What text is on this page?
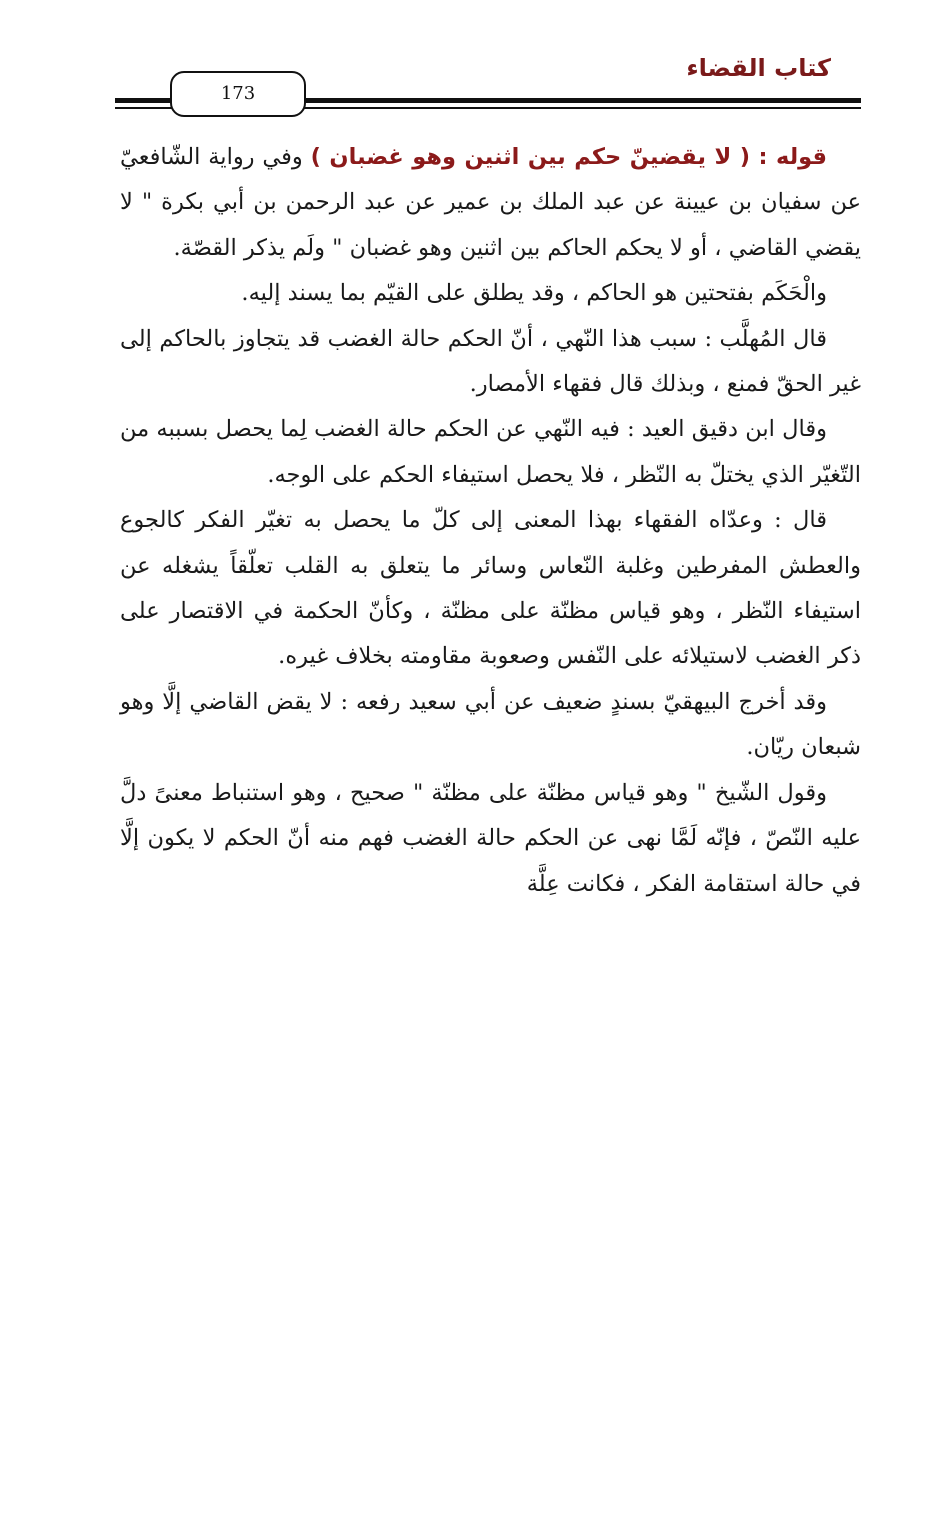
كتاب القضاء
173

قوله : ( لا يقضينّ حكم بين اثنين وهو غضبان ) وفي رواية الشّافعيّ عن سفيان بن عيينة عن عبد الملك بن عمير عن عبد الرحمن بن أبي بكرة " لا يقضي القاضي ، أو لا يحكم الحاكم بين اثنين وهو غضبان " ولَم يذكر القصّة.

والْحَكَم بفتحتين هو الحاكم ، وقد يطلق على القيّم بما يسند إليه.

قال المُهلَّب : سبب هذا النّهي ، أنّ الحكم حالة الغضب قد يتجاوز بالحاكم إلى غير الحقّ فمنع ، وبذلك قال فقهاء الأمصار.

وقال ابن دقيق العيد : فيه النّهي عن الحكم حالة الغضب لِما يحصل بسببه من التّغيّر الذي يختلّ به النّظر ، فلا يحصل استيفاء الحكم على الوجه.

قال : وعدّاه الفقهاء بهذا المعنى إلى كلّ ما يحصل به تغيّر الفكر كالجوع والعطش المفرطين وغلبة النّعاس وسائر ما يتعلق به القلب تعلّقاً يشغله عن استيفاء النّظر ، وهو قياس مظنّة على مظنّة ، وكأنّ الحكمة في الاقتصار على ذكر الغضب لاستيلائه على النّفس وصعوبة مقاومته بخلاف غيره.

وقد أخرج البيهقيّ بسندٍ ضعيف عن أبي سعيد رفعه : لا يقض القاضي إلَّا وهو شبعان ريّان.

وقول الشّيخ " وهو قياس مظنّة على مظنّة " صحيح ، وهو استنباط معنىً دلَّ عليه النّصّ ، فإنّه لَمَّا نهى عن الحكم حالة الغضب فهم منه أنّ الحكم لا يكون إلَّا في حالة استقامة الفكر ، فكانت عِلَّة
